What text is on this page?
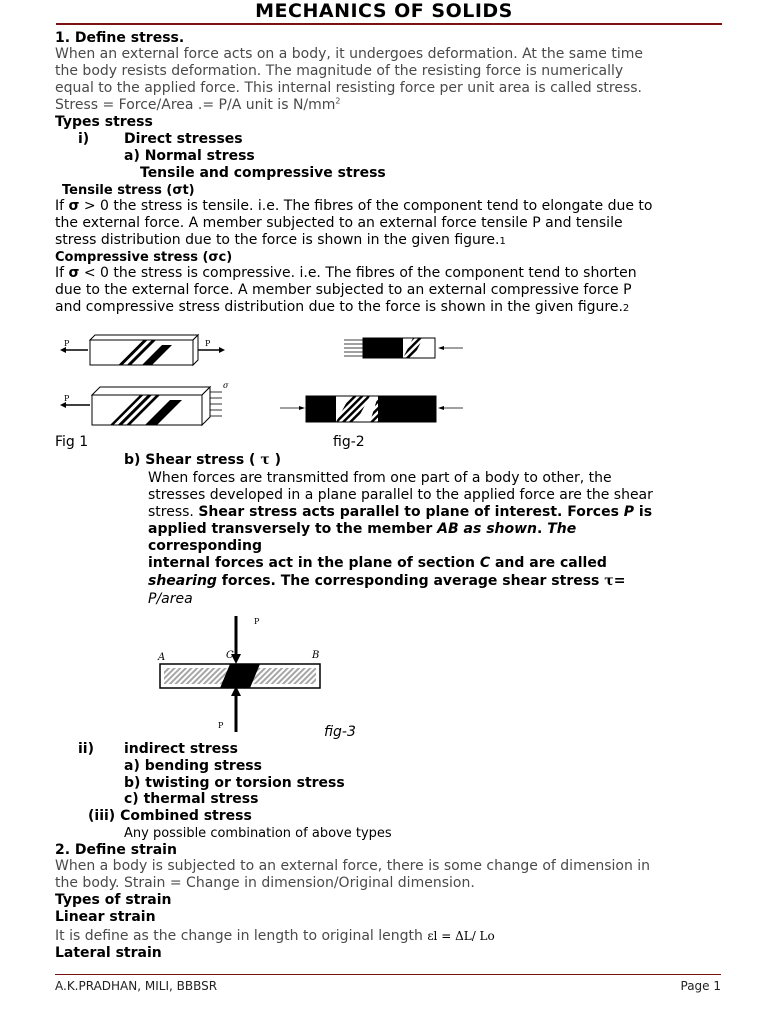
MECHANICS OF SOLIDS
1. Define stress.
When an external force acts on a body, it undergoes deformation. At the same time
the body resists deformation. The magnitude of the resisting force is numerically
equal to the applied force. This internal resisting force per unit area is called stress.
Stress = Force/Area .= P/A unit is $N/mm^2$
Types stress
i) Direct stresses
a) Normal stress
Tensile and compressive stress
Tensile stress (σt)
If σ > 0 the stress is tensile. i.e. The fibres of the component tend to elongate due to
the external force. A member subjected to an external force tensile P and tensile
stress distribution due to the force is shown in the given figure.1
Compressive stress (σc)
If σ < 0 the stress is compressive. i.e. The fibres of the component tend to shorten
due to the external force. A member subjected to an external compressive force P
and compressive stress distribution due to the force is shown in the given figure.2
P	P
P
σ
Fig 1	fig-2
b) Shear stress ( τ )
When forces are transmitted from one part of a body to other, the
stresses developed in a plane parallel to the applied force are the shear
stress. Shear stress acts parallel to plane of interest. Forces P is
applied transversely to the member AB as shown. The
corresponding
internal forces act in the plane of section C and are called
shearing forces. The corresponding average shear stress τ=
P/area
P
A	B
C
P	fig-3
ii) indirect stress
a) bending stress
b) twisting or torsion stress
c) thermal stress
(iii) Combined stress
Any possible combination of above types
2. Define strain
When a body is subjected to an external force, there is some change of dimension in
the body. Strain = Change in dimension/Original dimension.
Types of strain
Linear strain
It is define as the change in length to original length εl = ΔL/ Lo
Lateral strain
A.K.PRADHAN, MILI, BBBSR	Page 1
